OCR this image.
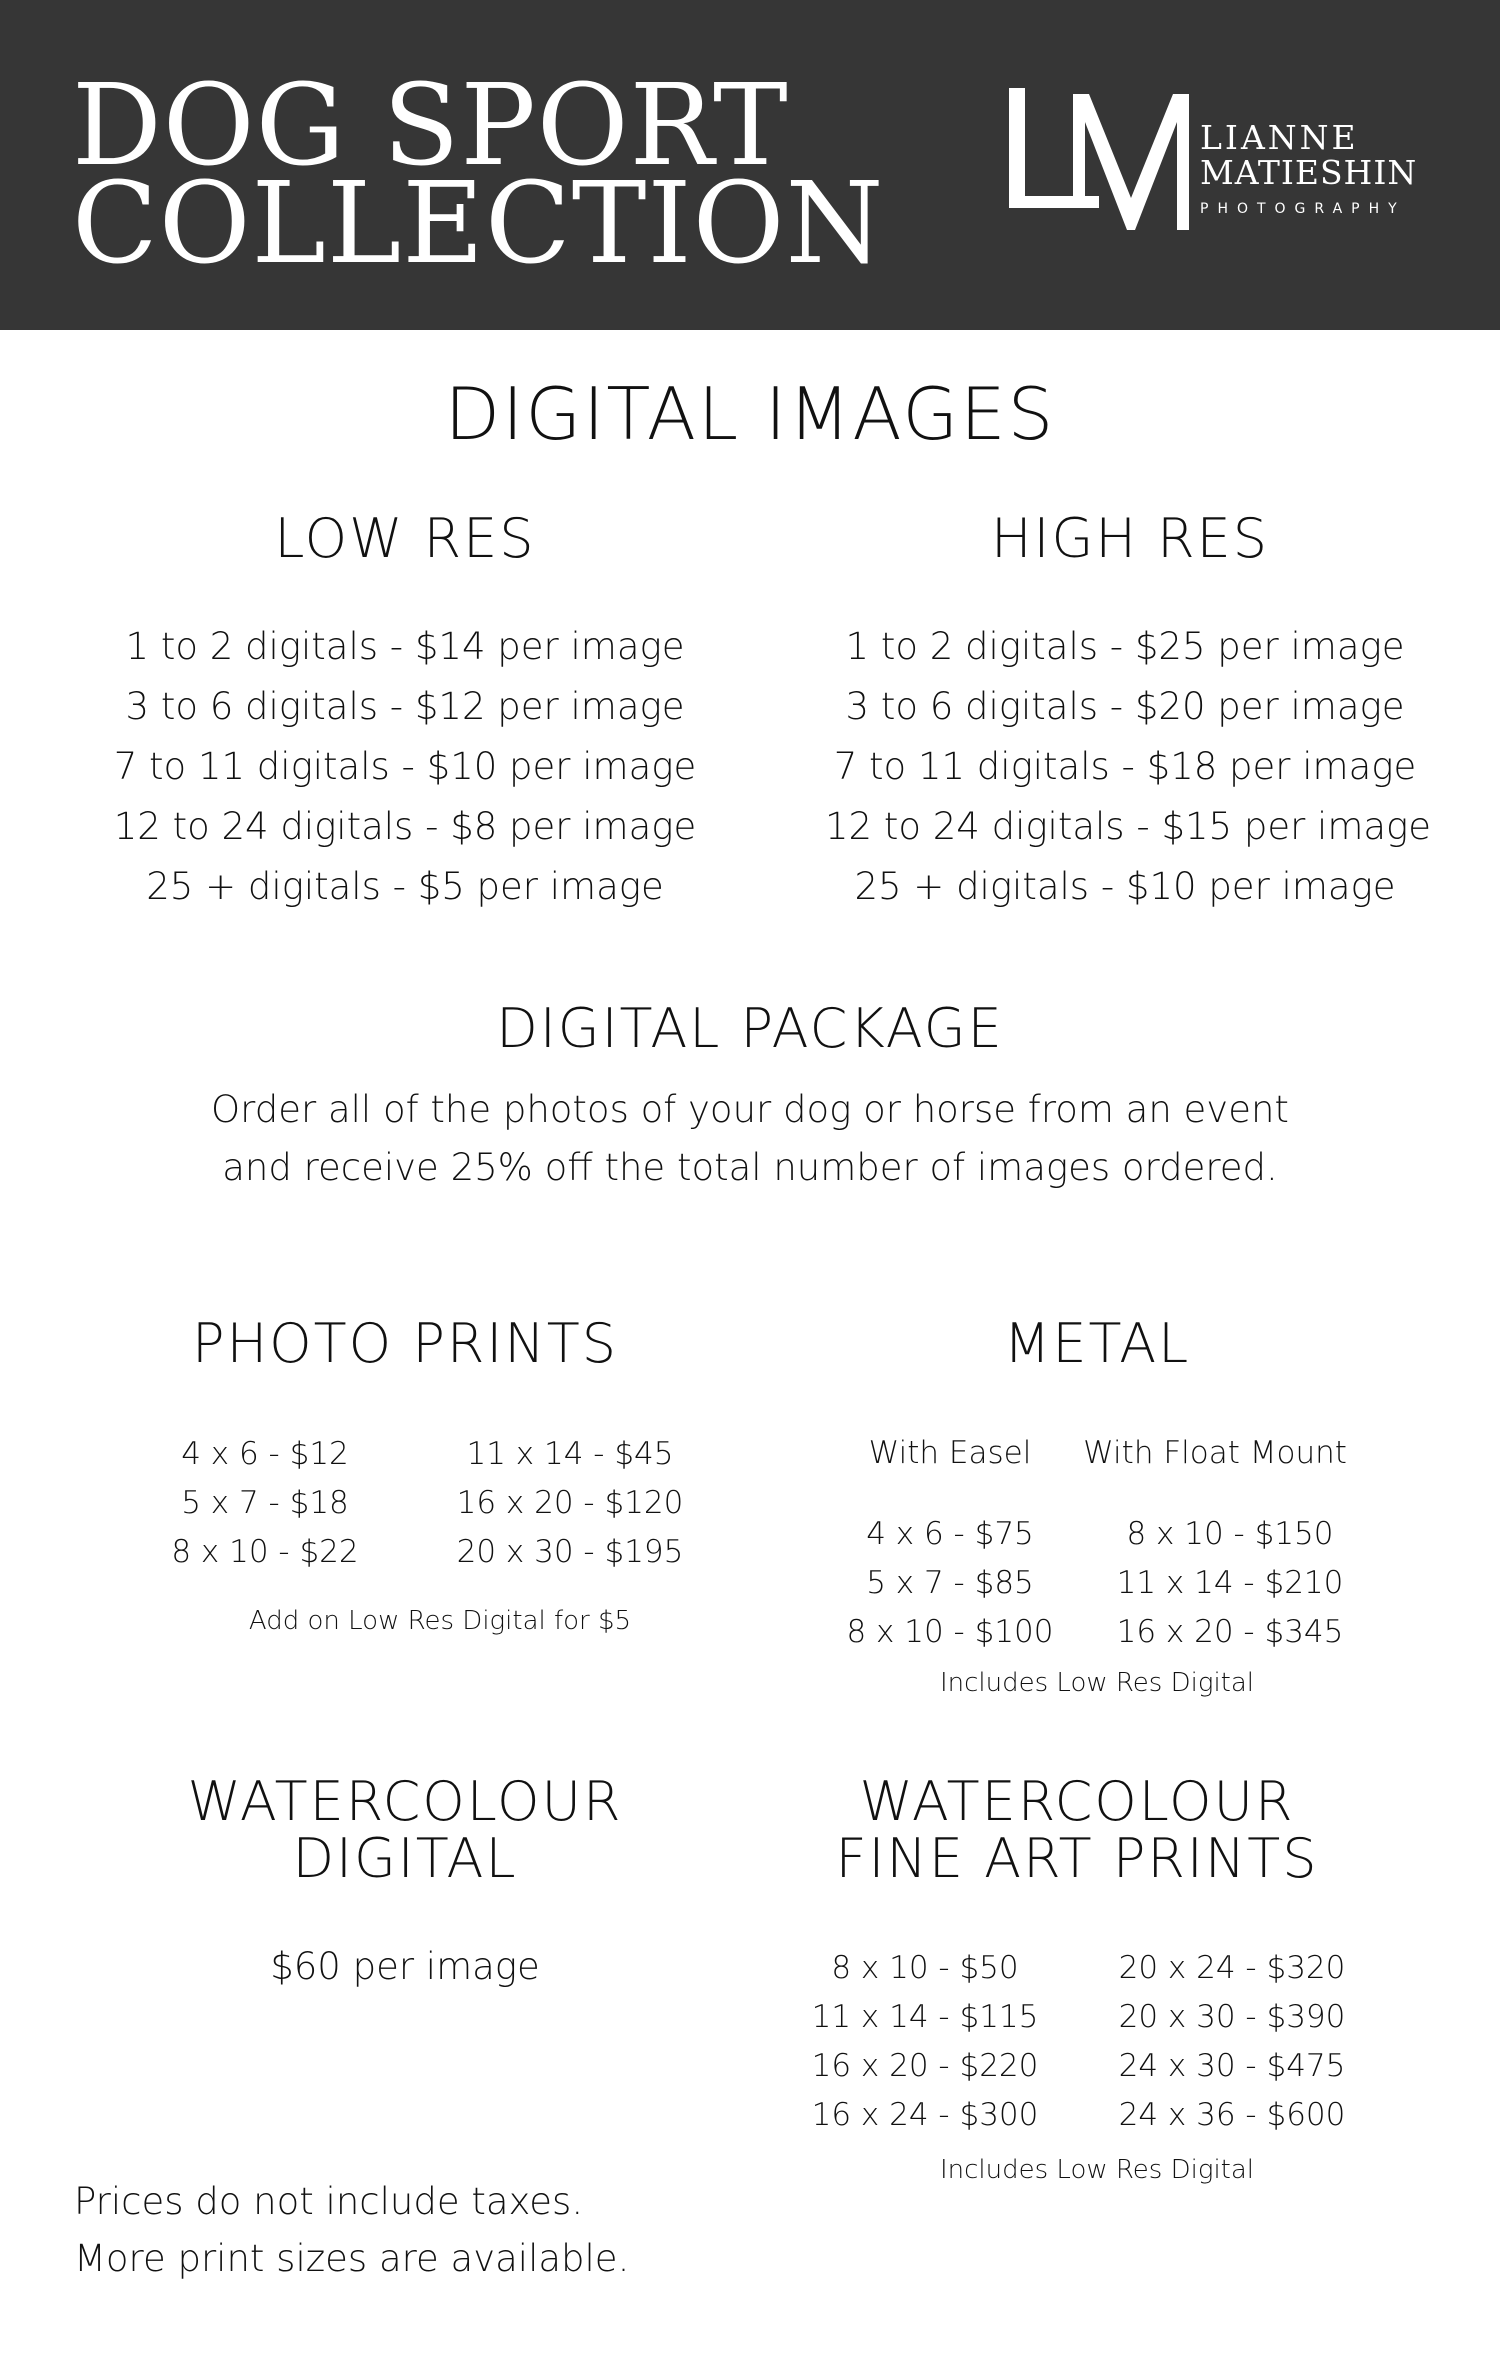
DOG SPORT
COLLECTION
LIANNE
MATIESHIN
PHOTOGRAPHY
DIGITAL IMAGES
LOW RES	HIGH RES
1 to 2 digitals - $14 per image
3 to 6 digitals - $12 per image
7 to 11 digitals - $10 per image
12 to 24 digitals - $8 per image
25 + digitals - $5 per image
1 to 2 digitals - $25 per image
3 to 6 digitals - $20 per image
7 to 11 digitals - $18 per image
12 to 24 digitals - $15 per image
25 + digitals - $10 per image
DIGITAL PACKAGE
Order all of the photos of your dog or horse from an event
and receive 25% off the total number of images ordered.
PHOTO PRINTS
4 x 6 - $12
5 x 7 - $18
8 x 10 - $22
11 x 14 - $45
16 x 20 - $120
20 x 30 - $195
Add on Low Res Digital for $5
METAL
With Easel	With Float Mount
4 x 6 - $75
5 x 7 - $85
8 x 10 - $100
8 x 10 - $150
11 x 14 - $210
16 x 20 - $345
Includes Low Res Digital
WATERCOLOUR
DIGITAL
$60 per image
WATERCOLOUR
FINE ART PRINTS
8 x 10 - $50
11 x 14 - $115
16 x 20 - $220
16 x 24 - $300
20 x 24 - $320
20 x 30 - $390
24 x 30 - $475
24 x 36 - $600
Includes Low Res Digital
Prices do not include taxes.
More print sizes are available.
